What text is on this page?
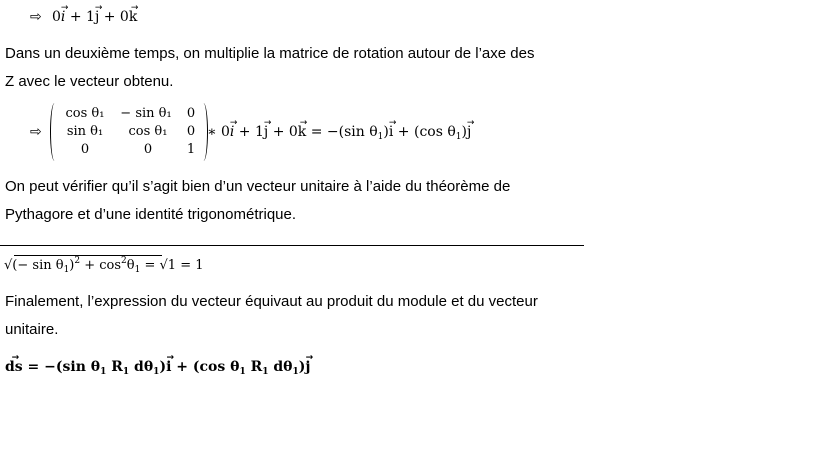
⇨ 0𝑖 → + 1j → + 0k →
Dans un deuxième temps, on multiplie la matrice de rotation autour de l’axe des
Z avec le vecteur obtenu.
⇨
cos θ₁	− sin θ₁	0
sin θ₁	cos θ₁	0
0	0	1
∗ 0𝑖 → + 1j → + 0k → = −(sin $\theta_1)i$ → + (cos $\theta_1)j$ →
On peut vérifier qu’il s’agit bien d’un vecteur unitaire à l’aide du théorème de
Pythagore et d’une identité trigonométrique.
√(− $\sin \theta_1)^2 + \cos^2\theta_1 = √1 = 1$
Finalement, l’expression du vecteur équivaut au produit du module et du vecteur
unitaire.
ds → = −(sin $\theta_1$ $R_1$ $d\theta_1)i$ → + (cos $\theta_1$ $R_1$ $d\theta_1)j$ →
